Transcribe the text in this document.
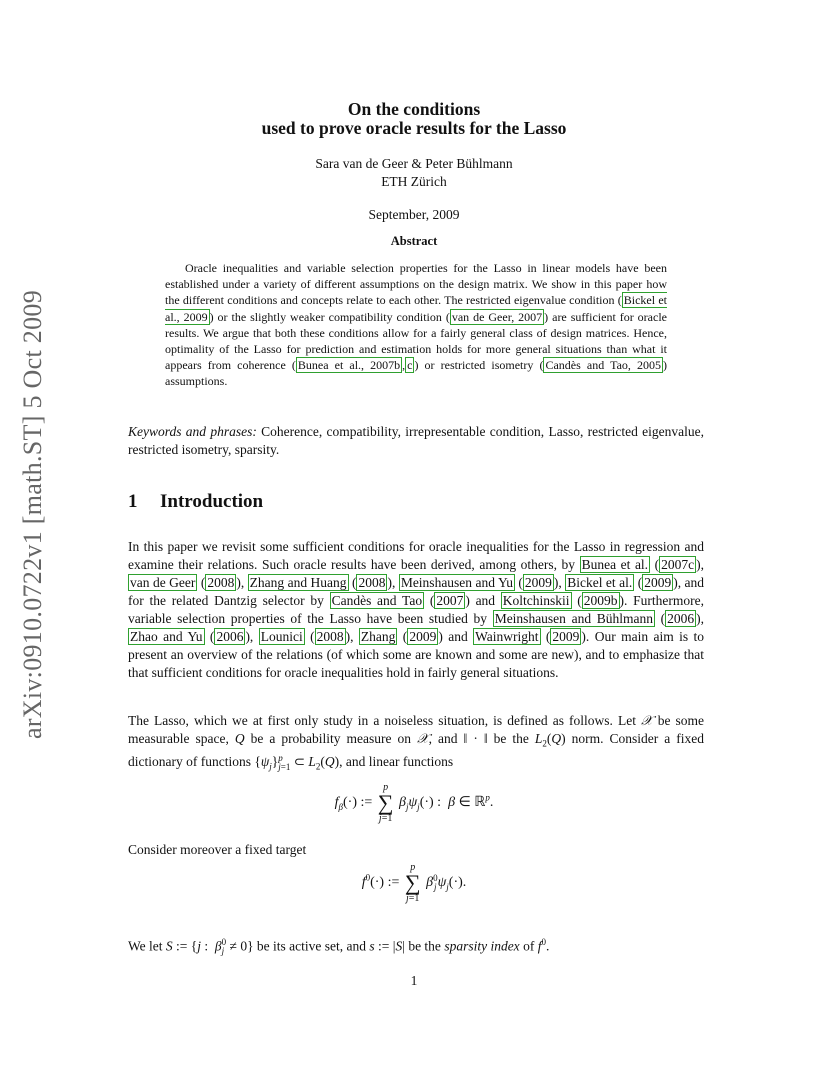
arXiv:0910.0722v1 [math.ST] 5 Oct 2009
On the conditions
used to prove oracle results for the Lasso
Sara van de Geer & Peter Bühlmann
ETH Zürich
September, 2009
Abstract
Oracle inequalities and variable selection properties for the Lasso in linear models have been established under a variety of different assumptions on the design matrix. We show in this paper how the different conditions and concepts relate to each other. The restricted eigenvalue condition ( Bickel et al., 2009 ) or the slightly weaker compatibility condition ( van de Geer, 2007 ) are sufficient for oracle results. We argue that both these conditions allow for a fairly general class of design matrices. Hence, optimality of the Lasso for prediction and estimation holds for more general situations than what it appears from coherence ( Bunea et al., 2007b , c ) or restricted isometry ( Candès and Tao, 2005 ) assumptions.
Keywords and phrases: Coherence, compatibility, irrepresentable condition, Lasso, restricted eigenvalue, restricted isometry, sparsity.
1 Introduction
In this paper we revisit some sufficient conditions for oracle inequalities for the Lasso in regression and examine their relations. Such oracle results have been derived, among others, by Bunea et al. ( 2007c ), van de Geer ( 2008 ), Zhang and Huang ( 2008 ), Meinshausen and Yu ( 2009 ), Bickel et al. ( 2009 ), and for the related Dantzig selector by Candès and Tao ( 2007 ) and Koltchinskii ( 2009b ). Furthermore, variable selection properties of the Lasso have been studied by Meinshausen and Bühlmann ( 2006 ), Zhao and Yu ( 2006 ), Lounici ( 2008 ), Zhang ( 2009 ) and Wainwright ( 2009 ). Our main aim is to present an overview of the relations (of which some are known and some are new), and to emphasize that that sufficient conditions for oracle inequalities hold in fairly general situations.
The Lasso, which we at first only study in a noiseless situation, is defined as follows. Let 𝒳 be some measurable space, Q be a probability measure on 𝒳, and ‖ · ‖ be the $L_2(Q)$ norm. Consider a fixed dictionary of functions $\{\psi_j\}p$
j=1 ⊂ $L_2(Q)$, and linear functions
$f_\beta(\cdot)$ := p
∑
j=1 $\beta_j\psi_j(\cdot)$ :  β ∈ ℝ$^p$.
Consider moreover a fixed target
$f^0(\cdot)$ := p
∑
j=1 β0
$j\psi_j(\cdot)$.
We let S := {j :  β0
j ≠ 0} be its active set, and s := |S| be the sparsity index of $f^0$.
1
